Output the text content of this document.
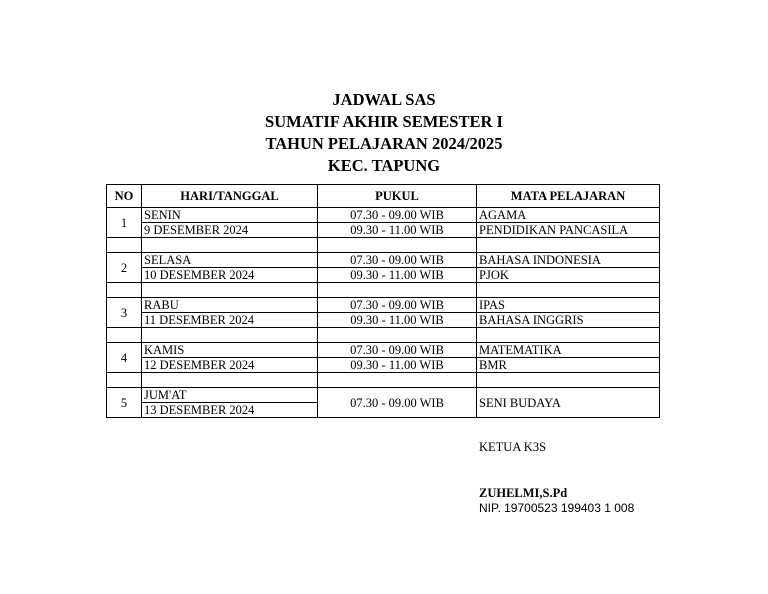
JADWAL SAS
SUMATIF AKHIR SEMESTER I
TAHUN PELAJARAN 2024/2025
KEC. TAPUNG
NO	HARI/TANGGAL	PUKUL	MATA PELAJARAN
1	SENIN	07.30 - 09.00 WIB	AGAMA
	9 DESEMBER 2024	09.30 - 11.00 WIB	PENDIDIKAN PANCASILA

2	SELASA	07.30 - 09.00 WIB	BAHASA INDONESIA
	10 DESEMBER 2024	09.30 - 11.00 WIB	PJOK

3	RABU	07.30 - 09.00 WIB	IPAS
	11 DESEMBER 2024	09.30 - 11.00 WIB	BAHASA INGGRIS

4	KAMIS	07.30 - 09.00 WIB	MATEMATIKA
	12 DESEMBER 2024	09.30 - 11.00 WIB	BMR

5	JUM'AT	07.30 - 09.00 WIB	SENI BUDAYA
	13 DESEMBER 2024		
KETUA K3S
ZUHELMI,S.Pd
NIP. 19700523 199403 1 008
